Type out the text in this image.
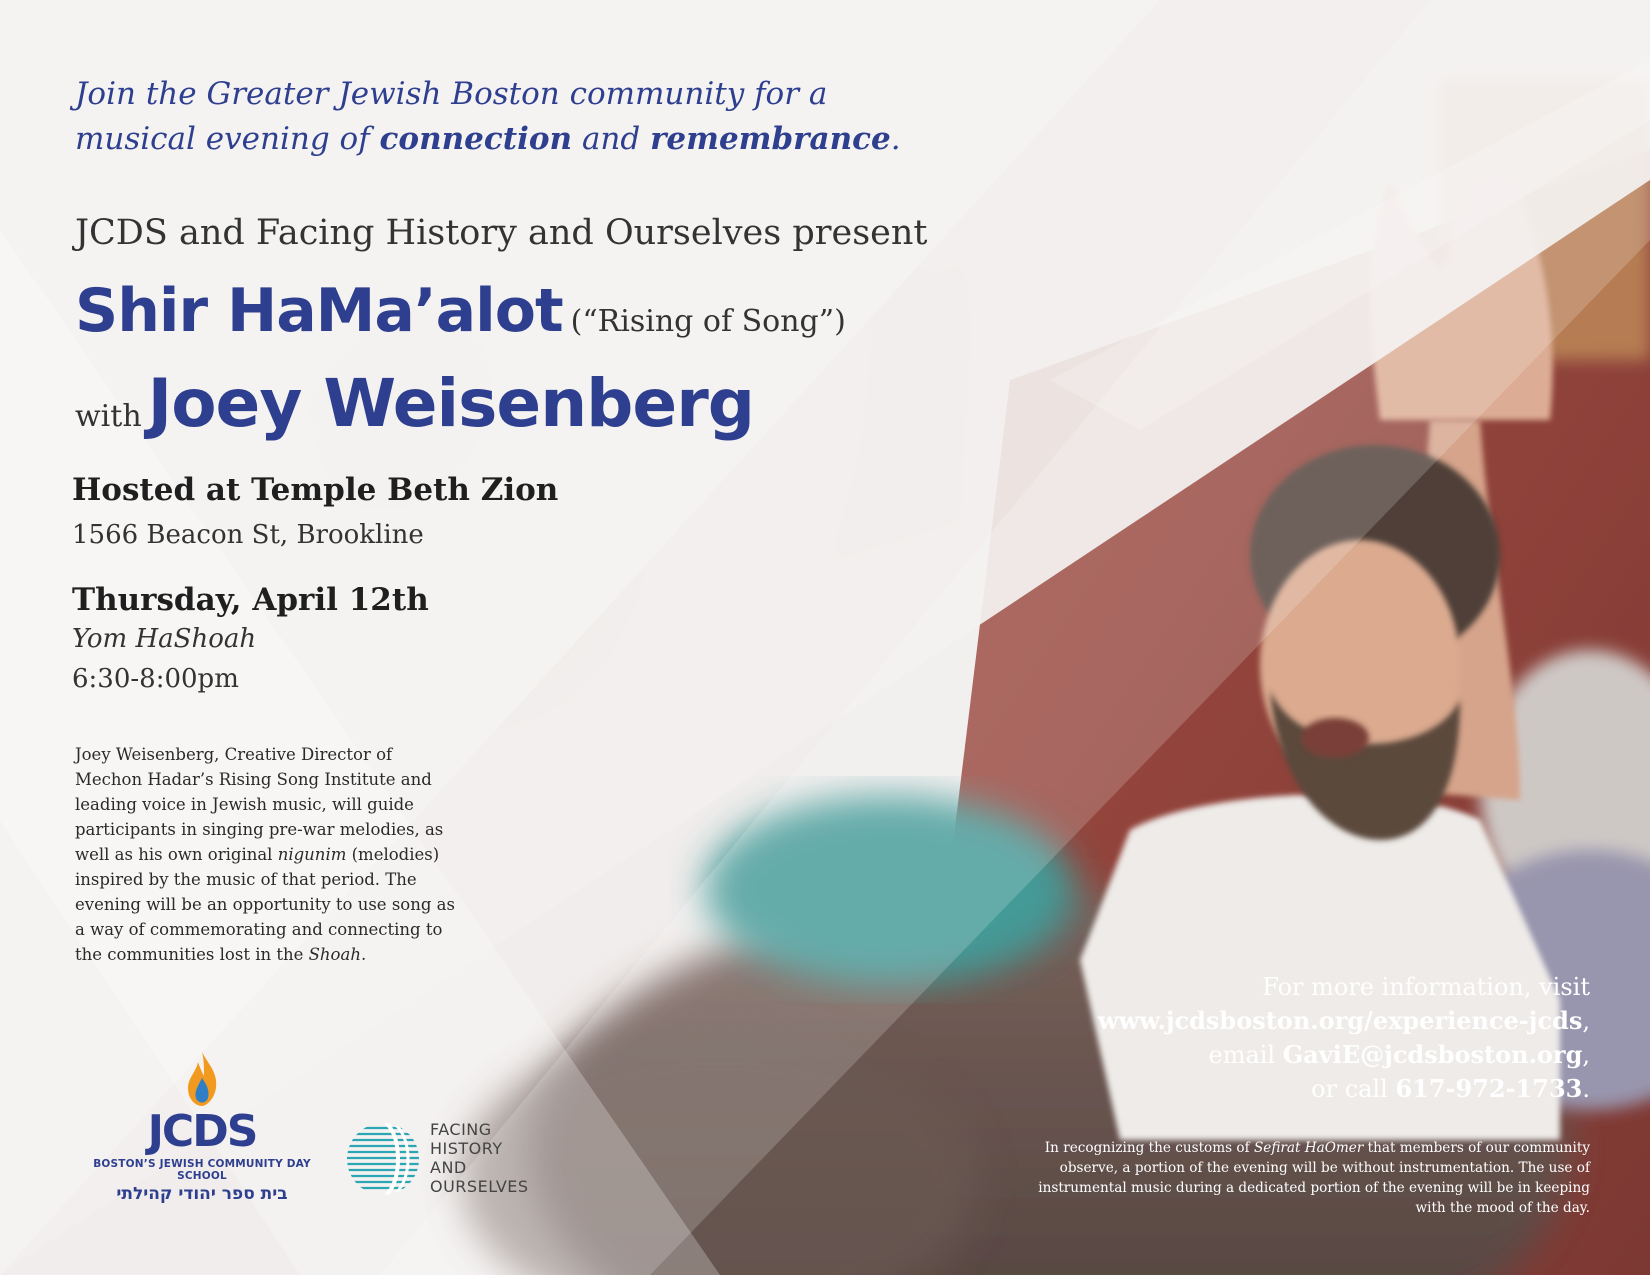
Join the Greater Jewish Boston community for a
musical evening of connection and remembrance.
JCDS and Facing History and Ourselves present
Shir HaMa’alot (“Rising of Song”)
withJoey Weisenberg
Hosted at Temple Beth Zion
1566 Beacon St, Brookline
Thursday, April 12th
Yom HaShoah
6:30-8:00pm
Joey Weisenberg, Creative Director of Mechon Hadar’s Rising Song Institute and leading voice in Jewish music, will guide participants in singing pre-war melodies, as well as his own original nigunim (melodies) inspired by the music of that period. The evening will be an opportunity to use song as a way of commemorating and connecting to the communities lost in the Shoah.
For more information, visit
www.jcdsboston.org/experience-jcds,
email GaviE@jcdsboston.org,
or call 617-972-1733.
In recognizing the customs of Sefirat HaOmer that members of our community observe, a portion of the evening will be without instrumentation. The use of instrumental music during a dedicated portion of the evening will be in keeping with the mood of the day.
JCDS
BOSTON’S JEWISH COMMUNITY DAY SCHOOL
בית ספר יהודי קהילתי
FACING
HISTORY
AND
OURSELVES
